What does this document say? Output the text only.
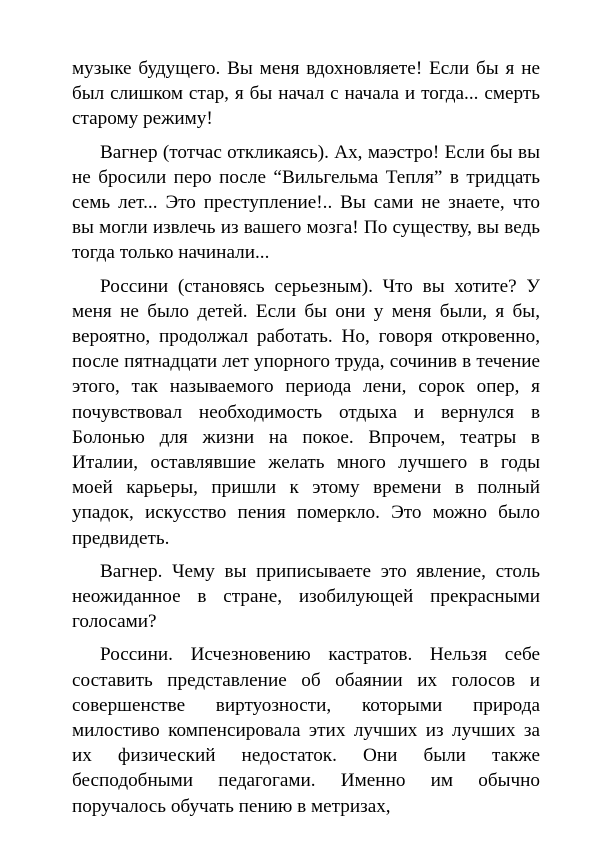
музыке будущего. Вы меня вдохновляете! Если бы я не был слишком стар, я бы начал с начала и тогда... смерть старому режиму!

Вагнер (тотчас откликаясь). Ах, маэстро! Если бы вы не бросили перо после “Вильгельма Тепля” в тридцать семь лет... Это преступление!.. Вы сами не знаете, что вы могли извлечь из вашего мозга! По существу, вы ведь тогда только начинали...

Россини (становясь серьезным). Что вы хотите? У меня не было детей. Если бы они у меня были, я бы, вероятно, продолжал работать. Но, говоря откровенно, после пятнадцати лет упорного труда, сочинив в течение этого, так называемого периода лени, сорок опер, я почувствовал необходимость отдыха и вернулся в Болонью для жизни на покое. Впрочем, театры в Италии, оставлявшие желать много лучшего в годы моей карьеры, пришли к этому времени в полный упадок, искусство пения померкло. Это можно было предвидеть.

Вагнер. Чему вы приписываете это явление, столь неожиданное в стране, изобилующей прекрасными голосами?

Россини. Исчезновению кастратов. Нельзя себе составить представление об обаянии их голосов и совершенстве виртуозности, которыми природа милостиво компенсировала этих лучших из лучших за их физический недостаток. Они были также бесподобными педагогами. Именно им обычно поручалось обучать пению в метризах,
